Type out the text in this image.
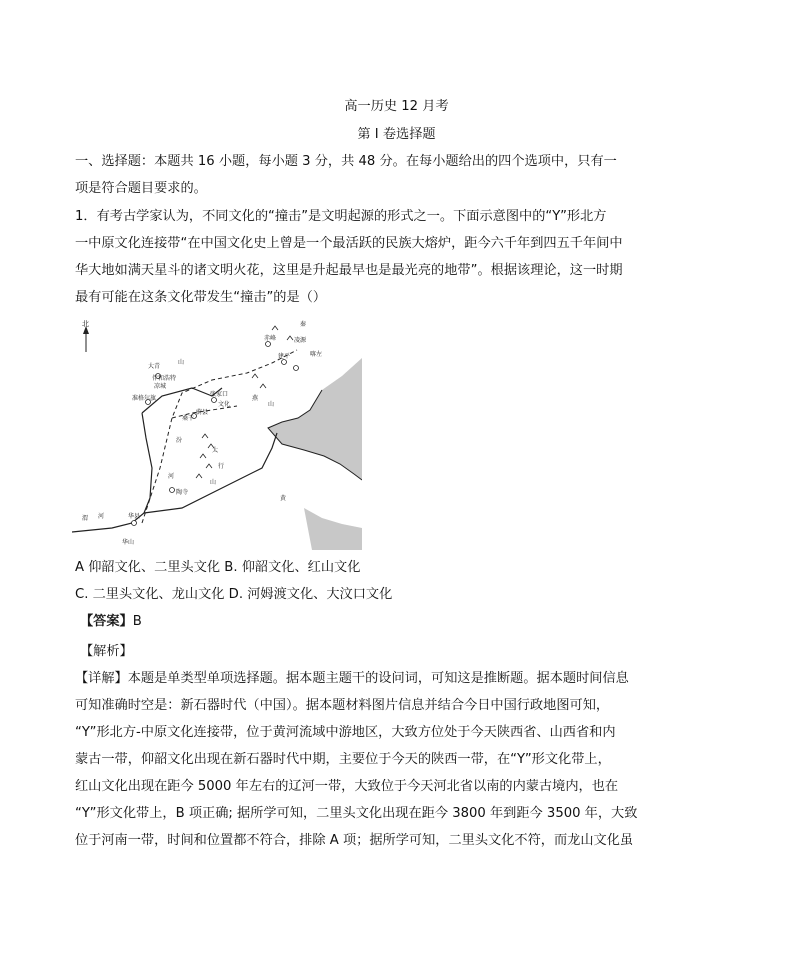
高一历史 12 月考
第 I 卷选择题
一、选择题：本题共 16 小题，每小题 3 分，共 48 分。在每小题给出的四个选项中，只有一
项是符合题目要求的。
1．有考古学家认为，不同文化的“撞击”是文明起源的形式之一。下面示意图中的“Y”形北方
一中原文化连接带“在中国文化史上曾是一个最活跃的民族大熔炉，距今六千年到四五千年间中
华大地如满天星斗的诸文明火花，这里是升起最早也是最光亮的地带”。根据该理论，这一时期
最有可能在这条文化带发生“撞击”的是（）
北
赤峰	凌源
喀左
秦
建平
张家口
文化
大青
山
伴和浩特
凉城
准格尔旗
蔚县
桑干
燕
山
汾
太
行
山
陶寺
河
黄
渭 河	华县
华山
A 仰韶文化、二里头文化 B. 仰韶文化、红山文化
C. 二里头文化、龙山文化 D. 河姆渡文化、大汶口文化
【答案】B
【解析】
【详解】本题是单类型单项选择题。据本题主题干的设问词，可知这是推断题。据本题时间信息
可知准确时空是：新石器时代（中国）。据本题材料图片信息并结合今日中国行政地图可知，
“Y”形北方-中原文化连接带，位于黄河流域中游地区，大致方位处于今天陕西省、山西省和内
蒙古一带，仰韶文化出现在新石器时代中期，主要位于今天的陕西一带，在“Y”形文化带上，
红山文化出现在距今 5000 年左右的辽河一带，大致位于今天河北省以南的内蒙古境内，也在
“Y”形文化带上，B 项正确; 据所学可知，二里头文化出现在距今 3800 年到距今 3500 年，大致
位于河南一带，时间和位置都不符合，排除 A 项；据所学可知，二里头文化不符，而龙山文化虽
